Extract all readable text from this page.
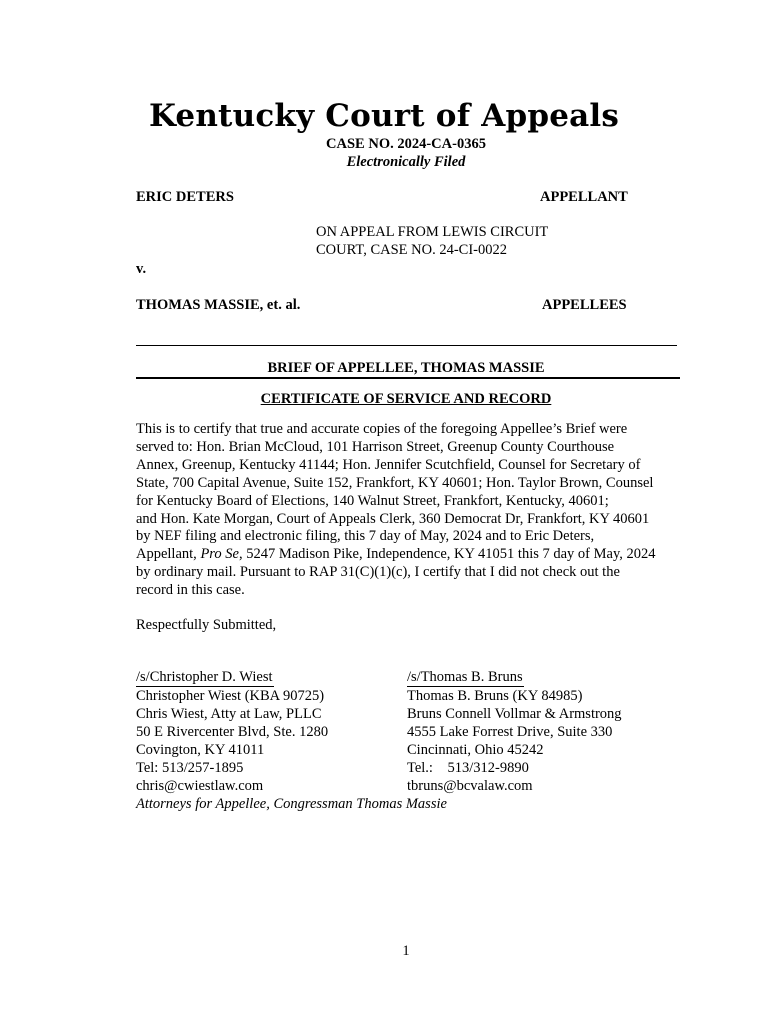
Kentucky Court of Appeals
CASE NO. 2024-CA-0365
Electronically Filed
ERIC DETERS	APPELLANT
ON APPEAL FROM LEWIS CIRCUIT
COURT, CASE NO. 24-CI-0022
v.
THOMAS MASSIE, et. al.	APPELLEES
BRIEF OF APPELLEE, THOMAS MASSIE
CERTIFICATE OF SERVICE AND RECORD
This is to certify that true and accurate copies of the foregoing Appellee’s Brief were
served to: Hon. Brian McCloud, 101 Harrison Street, Greenup County Courthouse
Annex, Greenup, Kentucky 41144; Hon. Jennifer Scutchfield, Counsel for Secretary of
State, 700 Capital Avenue, Suite 152, Frankfort, KY 40601; Hon. Taylor Brown, Counsel
for Kentucky Board of Elections, 140 Walnut Street, Frankfort, Kentucky, 40601;
and Hon. Kate Morgan, Court of Appeals Clerk, 360 Democrat Dr, Frankfort, KY 40601
by NEF filing and electronic filing, this 7 day of May, 2024 and to Eric Deters,
Appellant, Pro Se, 5247 Madison Pike, Independence, KY 41051 this 7 day of May, 2024
by ordinary mail. Pursuant to RAP 31(C)(1)(c), I certify that I did not check out the
record in this case.
Respectfully Submitted,
/s/Christopher D. Wiest
Christopher Wiest (KBA 90725)
Chris Wiest, Atty at Law, PLLC
50 E Rivercenter Blvd, Ste. 1280
Covington, KY 41011
Tel: 513/257-1895
chris@cwiestlaw.com
/s/Thomas B. Bruns
Thomas B. Bruns (KY 84985)
Bruns Connell Vollmar & Armstrong
4555 Lake Forrest Drive, Suite 330
Cincinnati, Ohio 45242
Tel.:    513/312-9890
tbruns@bcvalaw.com
Attorneys for Appellee, Congressman Thomas Massie
1
